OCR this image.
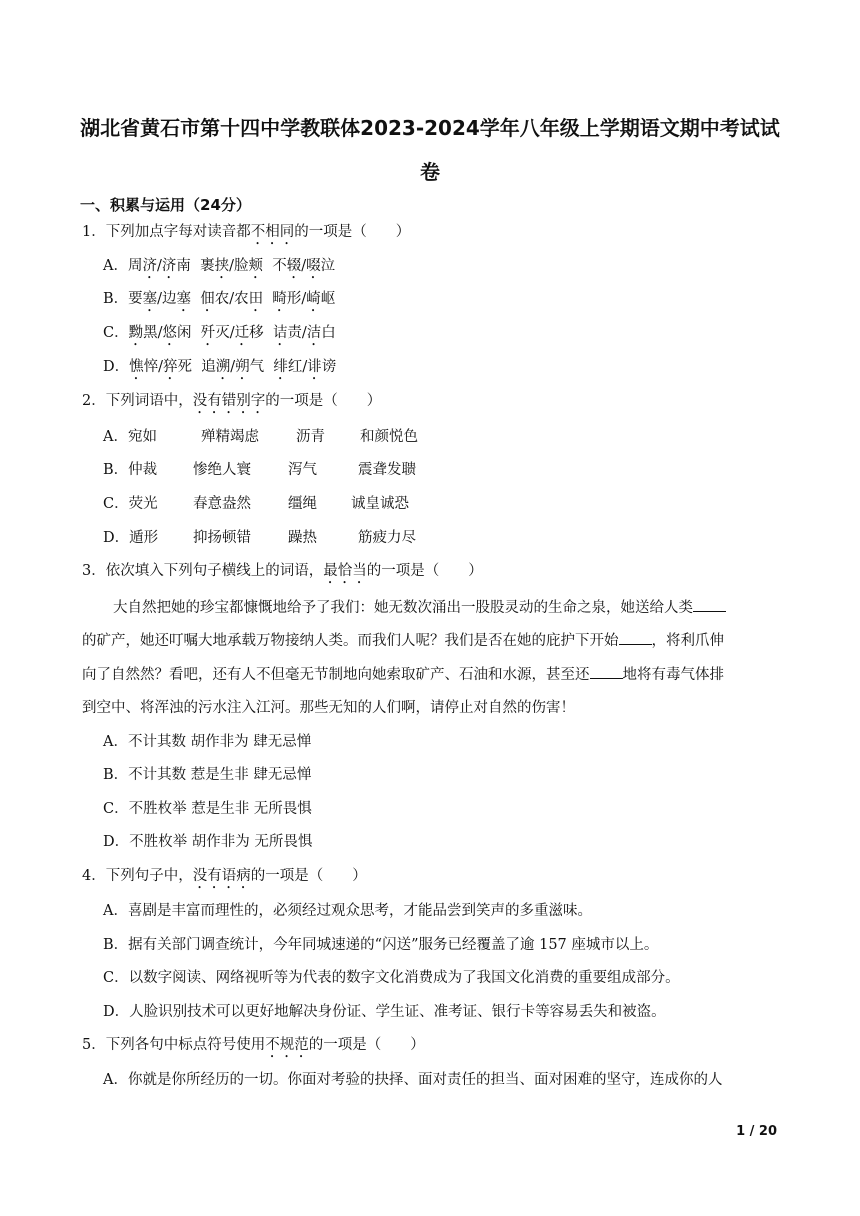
湖北省黄石市第十四中学教联体2023-2024学年八年级上学期语文期中考试试
卷
一、积累与运用（24分）
1．下列加点字每对读音都不相同的一项是（　　）
A．周济/济南  裹挟/脸颊  不辍/啜泣
B．要塞/边塞 佃农/农田 畸形/崎岖
C．黝黑/悠闲  歼灭/迁移  诘责/洁白
D．憔悴/猝死  追溯/朔气  绯红/诽谤
2．下列词语中，没有错别字的一项是（　　）
A．宛如	殚精竭虑	沥青 和颜悦色
B．仲裁 惨绝人寰	泻气	震聋发聩
C．荧光 春意盎然	缰绳 诚皇诚恐
D．遁形 抑扬顿错	躁热	筋疲力尽
3．依次填入下列句子横线上的词语，最恰当的一项是（　　）
大自然把她的珍宝都慷慨地给予了我们：她无数次涌出一股股灵动的生命之泉，她送给人类
的矿产，她还叮嘱大地承载万物接纳人类。而我们人呢？我们是否在她的庇护下开始 ，将利爪伸
向了自然然？看吧，还有人不但毫无节制地向她索取矿产、石油和水源，甚至还 地将有毒气体排
到空中、将浑浊的污水注入江河。那些无知的人们啊，请停止对自然的伤害！
A．不计其数 胡作非为 肆无忌惮
B．不计其数 惹是生非 肆无忌惮
C．不胜枚举 惹是生非 无所畏惧
D．不胜枚举 胡作非为 无所畏惧
4．下列句子中，没有语病的一项是（　　）
A．喜剧是丰富而理性的，必须经过观众思考，才能品尝到笑声的多重滋味。
B．据有关部门调查统计，今年同城速递的“闪送”服务已经覆盖了逾 157 座城市以上。
C．以数字阅读、网络视听等为代表的数字文化消费成为了我国文化消费的重要组成部分。
D．人脸识别技术可以更好地解决身份证、学生证、准考证、银行卡等容易丢失和被盗。
5．下列各句中标点符号使用不规范的一项是（　　）
A．你就是你所经历的一切。你面对考验的抉择、面对责任的担当、面对困难的坚守，连成你的人
1 / 20
